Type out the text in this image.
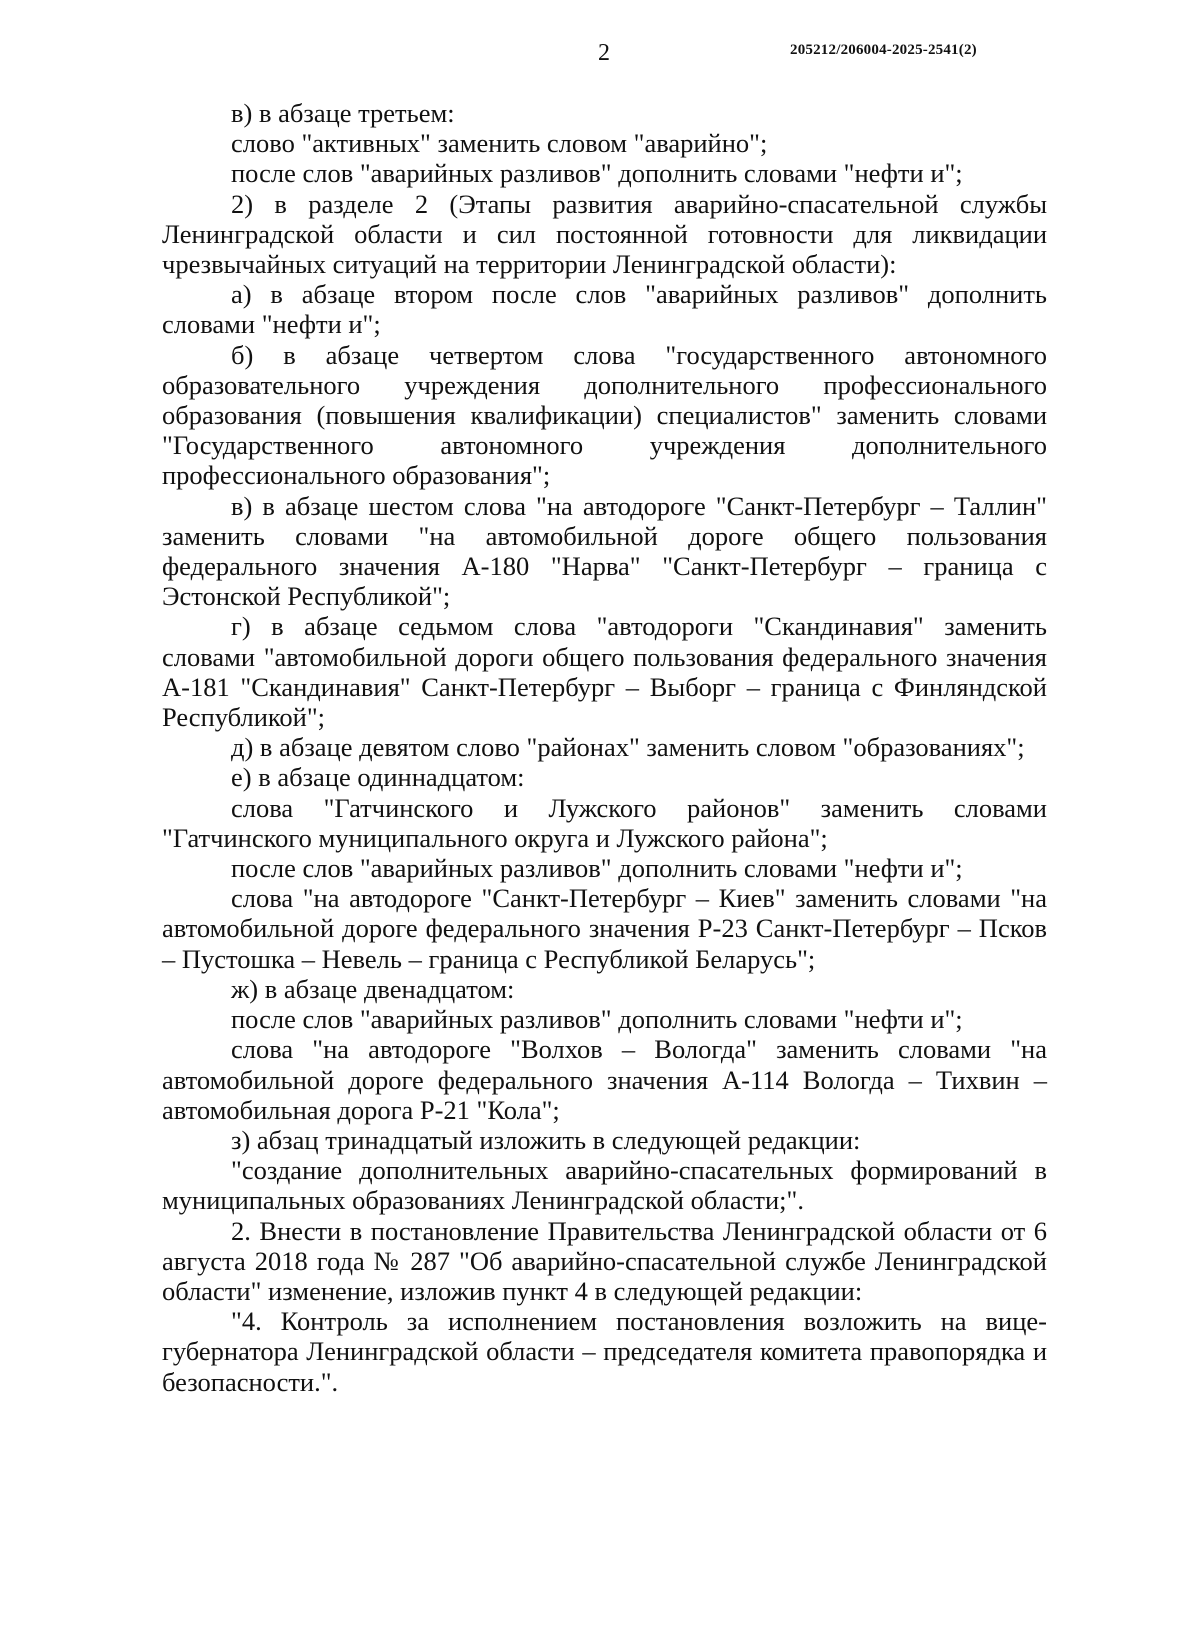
2	205212/206004-2025-2541(2)

в) в абзаце третьем:

слово "активных" заменить словом "аварийно";

после слов "аварийных разливов" дополнить словами "нефти и";

2) в разделе 2 (Этапы развития аварийно-спасательной службы Ленинградской области и сил постоянной готовности для ликвидации чрезвычайных ситуаций на территории Ленинградской области):

а) в абзаце втором после слов "аварийных разливов" дополнить словами "нефти и";

б) в абзаце четвертом слова "государственного автономного образовательного учреждения дополнительного профессионального образования (повышения квалификации) специалистов" заменить словами "Государственного автономного учреждения дополнительного профессионального образования";

в) в абзаце шестом слова "на автодороге "Санкт-Петербург – Таллин" заменить словами "на автомобильной дороге общего пользования федерального значения А-180 "Нарва" "Санкт-Петербург – граница с Эстонской Республикой";

г) в абзаце седьмом слова "автодороги "Скандинавия" заменить словами "автомобильной дороги общего пользования федерального значения А-181 "Скандинавия" Санкт-Петербург – Выборг – граница с Финляндской Республикой";

д) в абзаце девятом слово "районах" заменить словом "образованиях";

е) в абзаце одиннадцатом:

слова "Гатчинского и Лужского районов" заменить словами "Гатчинского муниципального округа и Лужского района";

после слов "аварийных разливов" дополнить словами "нефти и";

слова "на автодороге "Санкт-Петербург – Киев" заменить словами "на автомобильной дороге федерального значения Р-23 Санкт-Петербург – Псков – Пустошка – Невель – граница с Республикой Беларусь";

ж) в абзаце двенадцатом:

после слов "аварийных разливов" дополнить словами "нефти и";

слова "на автодороге "Волхов – Вологда" заменить словами "на автомобильной дороге федерального значения А-114 Вологда – Тихвин – автомобильная дорога Р-21 "Кола";

з) абзац тринадцатый изложить в следующей редакции:

"создание дополнительных аварийно-спасательных формирований в муниципальных образованиях Ленинградской области;".

2. Внести в постановление Правительства Ленинградской области от 6 августа 2018 года № 287 "Об аварийно-спасательной службе Ленинградской области" изменение, изложив пункт 4 в следующей редакции:

"4. Контроль за исполнением постановления возложить на вице-губернатора Ленинградской области – председателя комитета правопорядка и безопасности.".
